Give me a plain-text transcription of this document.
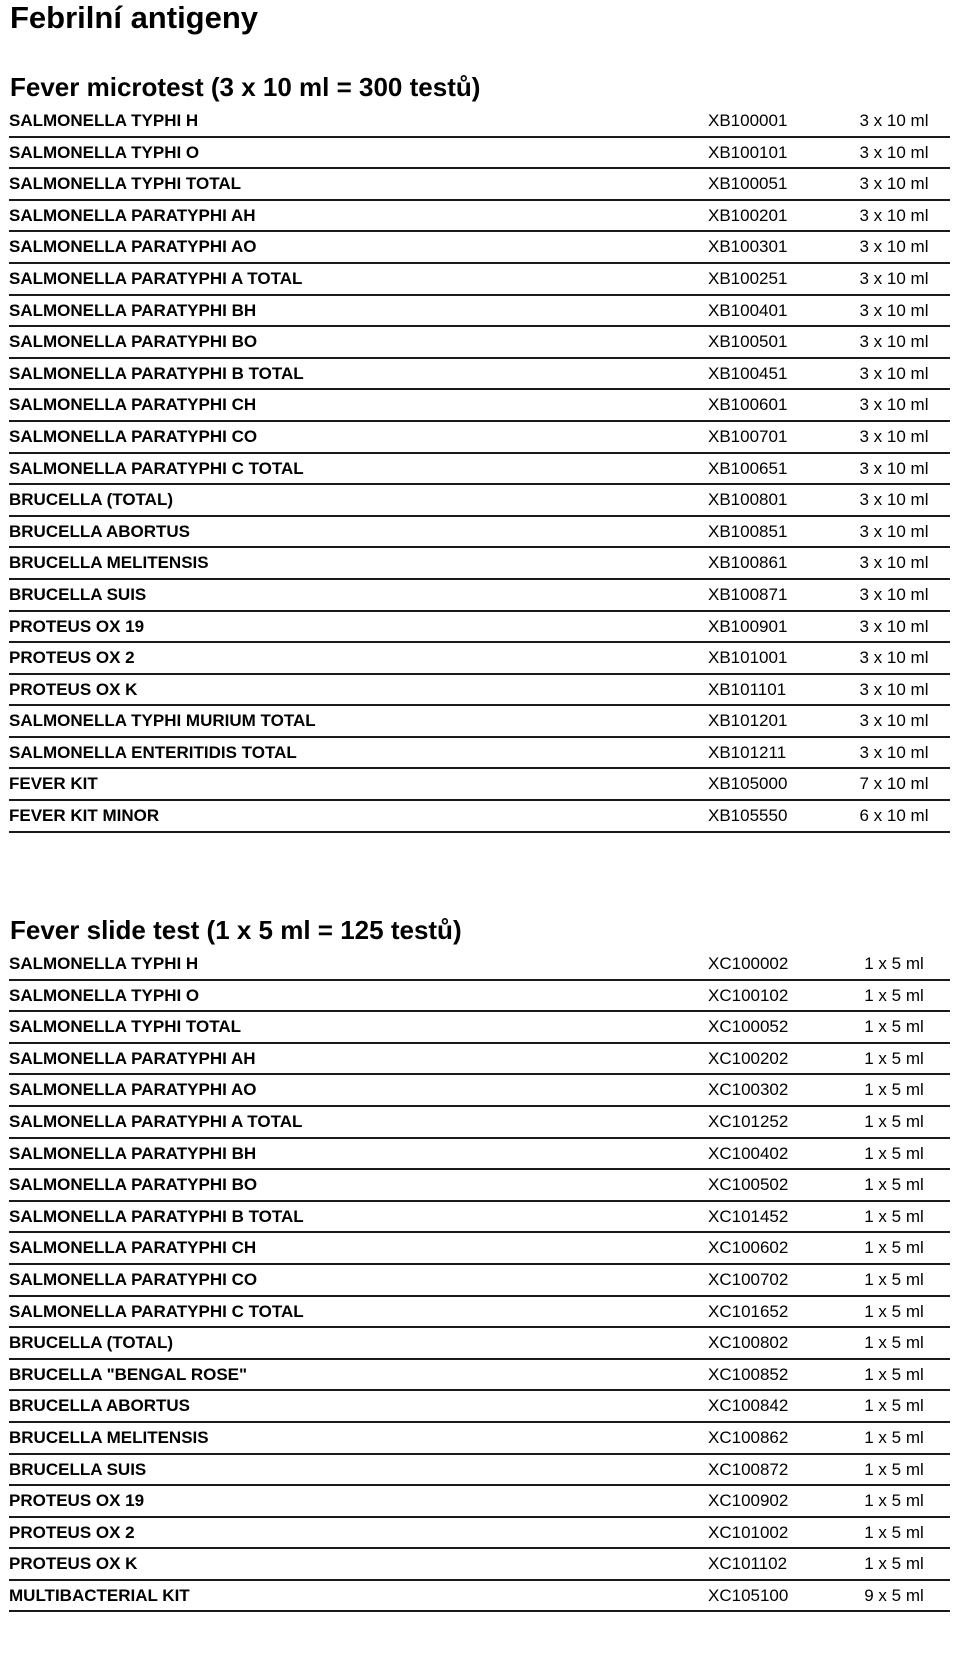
Febrilní antigeny
Fever microtest (3 x 10 ml = 300 testů)
SALMONELLA TYPHI H	XB100001	3 x 10 ml
SALMONELLA TYPHI O	XB100101	3 x 10 ml
SALMONELLA TYPHI TOTAL	XB100051	3 x 10 ml
SALMONELLA PARATYPHI AH	XB100201	3 x 10 ml
SALMONELLA PARATYPHI AO	XB100301	3 x 10 ml
SALMONELLA PARATYPHI A TOTAL	XB100251	3 x 10 ml
SALMONELLA PARATYPHI BH	XB100401	3 x 10 ml
SALMONELLA PARATYPHI BO	XB100501	3 x 10 ml
SALMONELLA PARATYPHI B TOTAL	XB100451	3 x 10 ml
SALMONELLA PARATYPHI CH	XB100601	3 x 10 ml
SALMONELLA PARATYPHI CO	XB100701	3 x 10 ml
SALMONELLA PARATYPHI C TOTAL	XB100651	3 x 10 ml
BRUCELLA (TOTAL)	XB100801	3 x 10 ml
BRUCELLA ABORTUS	XB100851	3 x 10 ml
BRUCELLA MELITENSIS	XB100861	3 x 10 ml
BRUCELLA SUIS	XB100871	3 x 10 ml
PROTEUS OX 19	XB100901	3 x 10 ml
PROTEUS OX 2	XB101001	3 x 10 ml
PROTEUS OX K	XB101101	3 x 10 ml
SALMONELLA TYPHI MURIUM TOTAL	XB101201	3 x 10 ml
SALMONELLA ENTERITIDIS TOTAL	XB101211	3 x 10 ml
FEVER KIT	XB105000	7 x 10 ml
FEVER KIT MINOR	XB105550	6 x 10 ml
Fever slide test (1 x 5 ml = 125 testů)
SALMONELLA TYPHI H	XC100002	1 x 5 ml
SALMONELLA TYPHI O	XC100102	1 x 5 ml
SALMONELLA TYPHI TOTAL	XC100052	1 x 5 ml
SALMONELLA PARATYPHI AH	XC100202	1 x 5 ml
SALMONELLA PARATYPHI AO	XC100302	1 x 5 ml
SALMONELLA PARATYPHI A TOTAL	XC101252	1 x 5 ml
SALMONELLA PARATYPHI BH	XC100402	1 x 5 ml
SALMONELLA PARATYPHI BO	XC100502	1 x 5 ml
SALMONELLA PARATYPHI B TOTAL	XC101452	1 x 5 ml
SALMONELLA PARATYPHI CH	XC100602	1 x 5 ml
SALMONELLA PARATYPHI CO	XC100702	1 x 5 ml
SALMONELLA PARATYPHI C TOTAL	XC101652	1 x 5 ml
BRUCELLA (TOTAL)	XC100802	1 x 5 ml
BRUCELLA "BENGAL ROSE"	XC100852	1 x 5 ml
BRUCELLA ABORTUS	XC100842	1 x 5 ml
BRUCELLA MELITENSIS	XC100862	1 x 5 ml
BRUCELLA SUIS	XC100872	1 x 5 ml
PROTEUS OX 19	XC100902	1 x 5 ml
PROTEUS OX 2	XC101002	1 x 5 ml
PROTEUS OX K	XC101102	1 x 5 ml
MULTIBACTERIAL KIT	XC105100	9 x 5 ml
